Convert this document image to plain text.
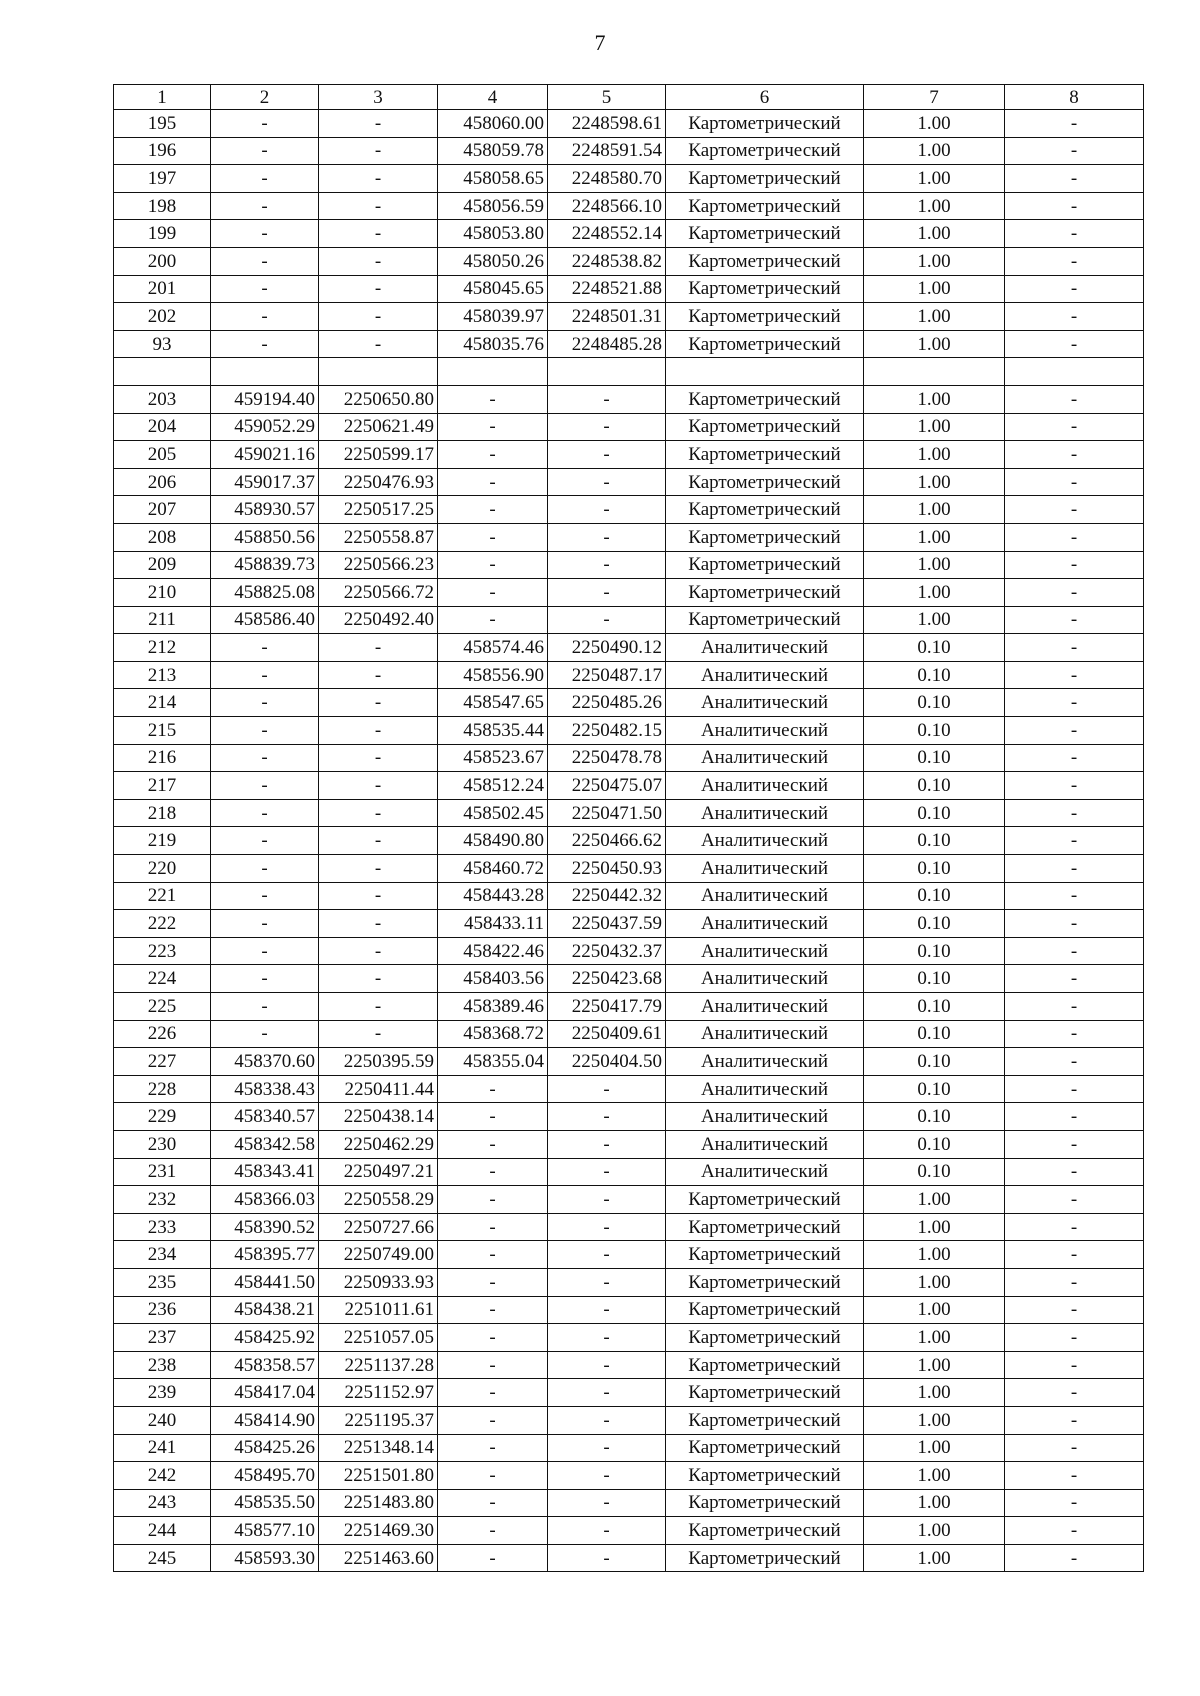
7
1	2	3	4	5	6	7	8
195	-	-	458060.00	2248598.61	Картометрический	1.00	-
196	-	-	458059.78	2248591.54	Картометрический	1.00	-
197	-	-	458058.65	2248580.70	Картометрический	1.00	-
198	-	-	458056.59	2248566.10	Картометрический	1.00	-
199	-	-	458053.80	2248552.14	Картометрический	1.00	-
200	-	-	458050.26	2248538.82	Картометрический	1.00	-
201	-	-	458045.65	2248521.88	Картометрический	1.00	-
202	-	-	458039.97	2248501.31	Картометрический	1.00	-
93	-	-	458035.76	2248485.28	Картометрический	1.00	-

203	459194.40	2250650.80	-	-	Картометрический	1.00	-
204	459052.29	2250621.49	-	-	Картометрический	1.00	-
205	459021.16	2250599.17	-	-	Картометрический	1.00	-
206	459017.37	2250476.93	-	-	Картометрический	1.00	-
207	458930.57	2250517.25	-	-	Картометрический	1.00	-
208	458850.56	2250558.87	-	-	Картометрический	1.00	-
209	458839.73	2250566.23	-	-	Картометрический	1.00	-
210	458825.08	2250566.72	-	-	Картометрический	1.00	-
211	458586.40	2250492.40	-	-	Картометрический	1.00	-
212	-	-	458574.46	2250490.12	Аналитический	0.10	-
213	-	-	458556.90	2250487.17	Аналитический	0.10	-
214	-	-	458547.65	2250485.26	Аналитический	0.10	-
215	-	-	458535.44	2250482.15	Аналитический	0.10	-
216	-	-	458523.67	2250478.78	Аналитический	0.10	-
217	-	-	458512.24	2250475.07	Аналитический	0.10	-
218	-	-	458502.45	2250471.50	Аналитический	0.10	-
219	-	-	458490.80	2250466.62	Аналитический	0.10	-
220	-	-	458460.72	2250450.93	Аналитический	0.10	-
221	-	-	458443.28	2250442.32	Аналитический	0.10	-
222	-	-	458433.11	2250437.59	Аналитический	0.10	-
223	-	-	458422.46	2250432.37	Аналитический	0.10	-
224	-	-	458403.56	2250423.68	Аналитический	0.10	-
225	-	-	458389.46	2250417.79	Аналитический	0.10	-
226	-	-	458368.72	2250409.61	Аналитический	0.10	-
227	458370.60	2250395.59	458355.04	2250404.50	Аналитический	0.10	-
228	458338.43	2250411.44	-	-	Аналитический	0.10	-
229	458340.57	2250438.14	-	-	Аналитический	0.10	-
230	458342.58	2250462.29	-	-	Аналитический	0.10	-
231	458343.41	2250497.21	-	-	Аналитический	0.10	-
232	458366.03	2250558.29	-	-	Картометрический	1.00	-
233	458390.52	2250727.66	-	-	Картометрический	1.00	-
234	458395.77	2250749.00	-	-	Картометрический	1.00	-
235	458441.50	2250933.93	-	-	Картометрический	1.00	-
236	458438.21	2251011.61	-	-	Картометрический	1.00	-
237	458425.92	2251057.05	-	-	Картометрический	1.00	-
238	458358.57	2251137.28	-	-	Картометрический	1.00	-
239	458417.04	2251152.97	-	-	Картометрический	1.00	-
240	458414.90	2251195.37	-	-	Картометрический	1.00	-
241	458425.26	2251348.14	-	-	Картометрический	1.00	-
242	458495.70	2251501.80	-	-	Картометрический	1.00	-
243	458535.50	2251483.80	-	-	Картометрический	1.00	-
244	458577.10	2251469.30	-	-	Картометрический	1.00	-
245	458593.30	2251463.60	-	-	Картометрический	1.00	-
